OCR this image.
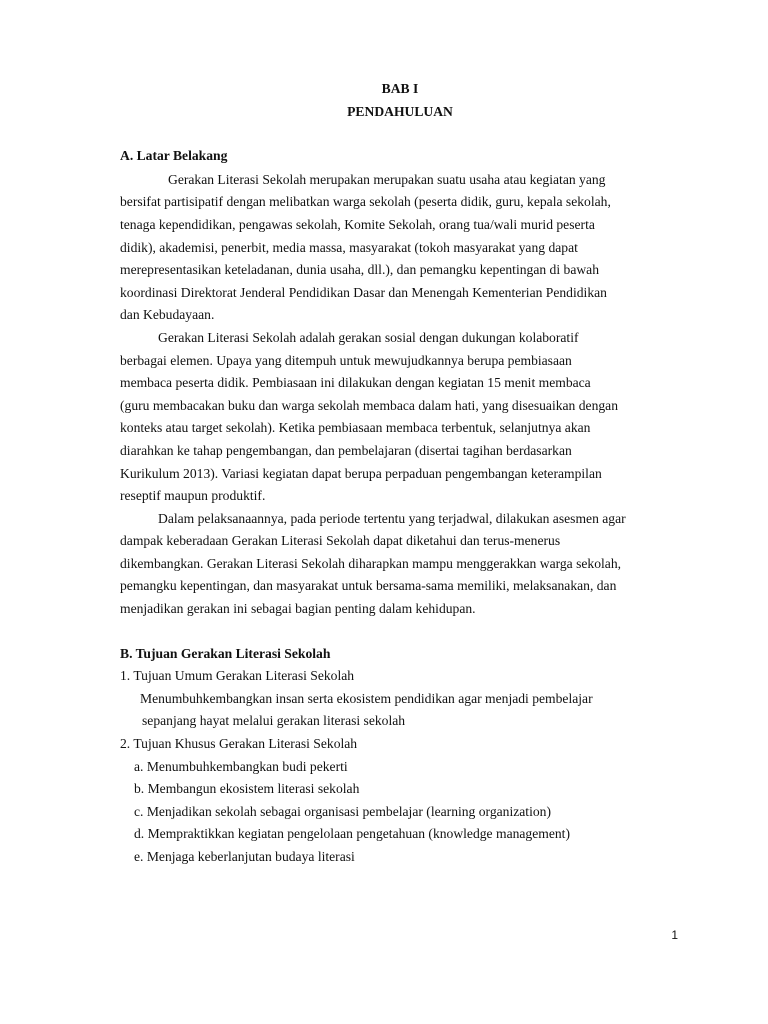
BAB I
PENDAHULUAN
A. Latar Belakang
Gerakan Literasi Sekolah merupakan merupakan suatu usaha atau kegiatan yang
bersifat partisipatif dengan melibatkan warga sekolah (peserta didik, guru, kepala sekolah,
tenaga kependidikan, pengawas sekolah, Komite Sekolah, orang tua/wali murid peserta
didik), akademisi, penerbit, media massa, masyarakat (tokoh masyarakat yang dapat
merepresentasikan keteladanan, dunia usaha, dll.), dan pemangku kepentingan di bawah
koordinasi Direktorat Jenderal Pendidikan Dasar dan Menengah Kementerian Pendidikan
dan Kebudayaan.
Gerakan Literasi Sekolah adalah gerakan sosial dengan dukungan kolaboratif
berbagai elemen. Upaya yang ditempuh untuk mewujudkannya berupa pembiasaan
membaca peserta didik. Pembiasaan ini dilakukan dengan kegiatan 15 menit membaca
(guru membacakan buku dan warga sekolah membaca dalam hati, yang disesuaikan dengan
konteks atau target sekolah). Ketika pembiasaan membaca terbentuk, selanjutnya akan
diarahkan ke tahap pengembangan, dan pembelajaran (disertai tagihan berdasarkan
Kurikulum 2013). Variasi kegiatan dapat berupa perpaduan pengembangan keterampilan
reseptif maupun produktif.
Dalam pelaksanaannya, pada periode tertentu yang terjadwal, dilakukan asesmen agar
dampak keberadaan Gerakan Literasi Sekolah dapat diketahui dan terus-menerus
dikembangkan. Gerakan Literasi Sekolah diharapkan mampu menggerakkan warga sekolah,
pemangku kepentingan, dan masyarakat untuk bersama-sama memiliki, melaksanakan, dan
menjadikan gerakan ini sebagai bagian penting dalam kehidupan.
B. Tujuan Gerakan Literasi Sekolah
1. Tujuan Umum Gerakan Literasi Sekolah
Menumbuhkembangkan insan serta ekosistem pendidikan agar menjadi pembelajar
sepanjang hayat melalui gerakan literasi sekolah
2. Tujuan Khusus Gerakan Literasi Sekolah
a. Menumbuhkembangkan budi pekerti
b. Membangun ekosistem literasi sekolah
c. Menjadikan sekolah sebagai organisasi pembelajar (learning organization)
d. Mempraktikkan kegiatan pengelolaan pengetahuan (knowledge management)
e. Menjaga keberlanjutan budaya literasi
1
